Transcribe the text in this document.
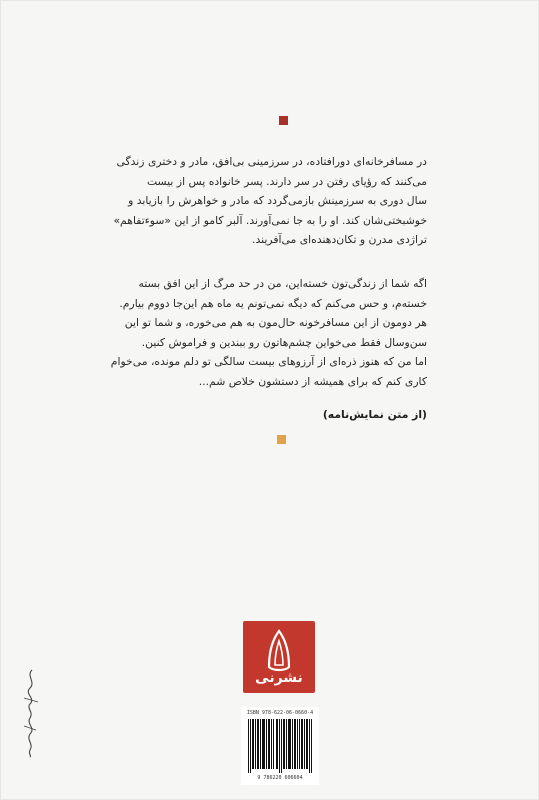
در مسافرخانه‌ای دورافتاده، در سرزمینی بی‌افق، مادر و دختری زندگی
می‌کنند که رؤیای رفتن در سر دارند. پسر خانواده پس از بیست
سال دوری به سرزمینش بازمی‌گردد که مادر و خواهرش را بازیابد و
خوشبختی‌شان کند. او را به جا نمی‌آورند. آلبر کامو از این «سوءتفاهم»
تراژدی مدرن و تکان‌دهنده‌ای می‌آفریند.
اگه شما از زندگی‌تون خسته‌این، من در حد مرگ از این افق بسته
خسته‌م، و حس می‌کنم که دیگه نمی‌تونم یه ماه هم این‌جا دووم بیارم.
هر دومون از این مسافرخونه حال‌مون به هم می‌خوره، و شما تو این
سن‌وسال فقط می‌خواین چشم‌هاتون رو ببندین و فراموش کنین.
اما من که هنوز ذره‌ای از آرزوهای بیست سالگی تو دلم مونده، می‌خوام
کاری کنم که برای همیشه از دستشون خلاص شم...
(از متن نمایش‌نامه)
نشرنی
ISBN 978-622-06-0660-4
9 786220 606604
